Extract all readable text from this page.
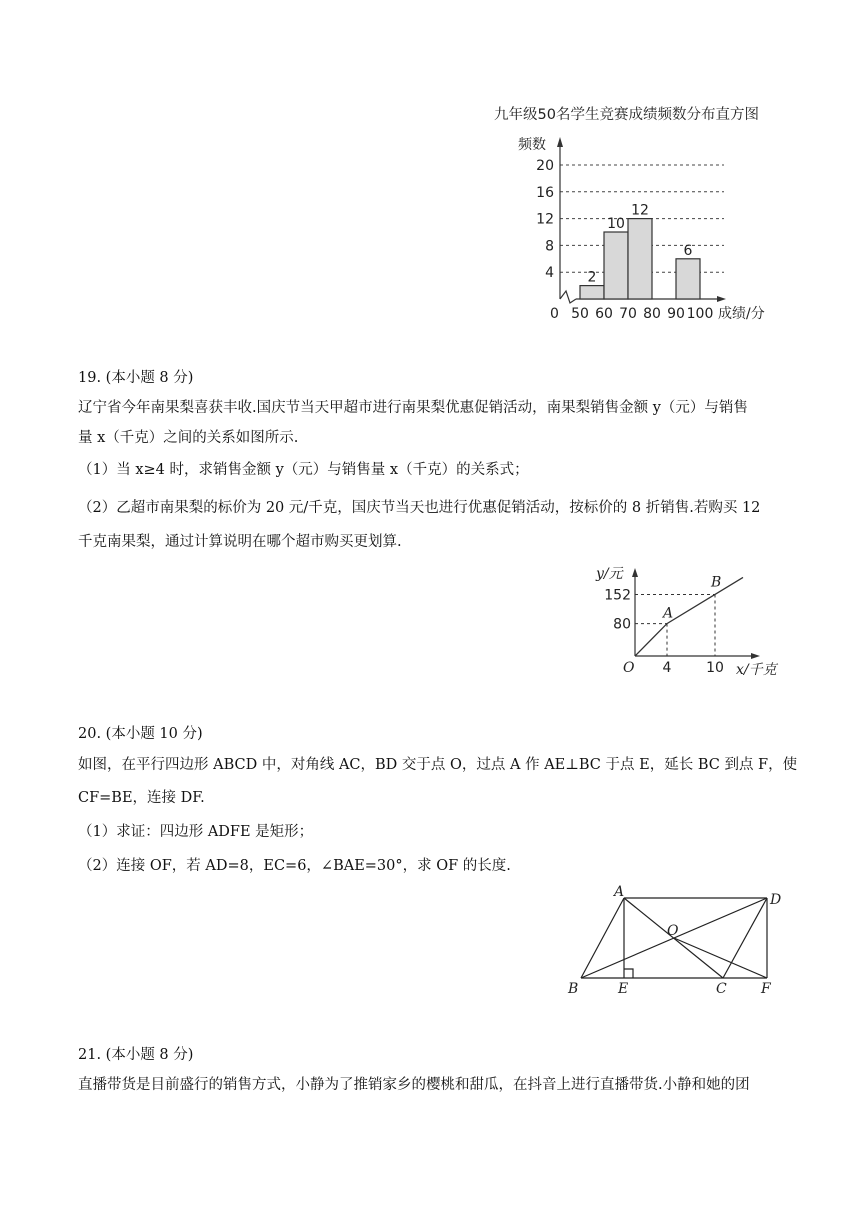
九年级50名学生竞赛成绩频数分布直方图
频数
成绩/分
0
4
8
12
16
20
50 60 70 80 90 100
2
10
12
6
19. (本小题 8 分)
辽宁省今年南果梨喜获丰收.国庆节当天甲超市进行南果梨优惠促销活动，南果梨销售金额 y（元）与销售
量 x（千克）之间的关系如图所示.
（1）当 x≥4 时，求销售金额 y（元）与销售量 x（千克）的关系式；
（2）乙超市南果梨的标价为 20 元/千克，国庆节当天也进行优惠促销活动，按标价的 8 折销售.若购买 12
千克南果梨，通过计算说明在哪个超市购买更划算.
y/元
x/千克
O
152
80
4 10
A
B
20. (本小题 10 分)
如图，在平行四边形 ABCD 中，对角线 AC，BD 交于点 O，过点 A 作 AE⊥BC 于点 E，延长 BC 到点 F，使
CF=BE，连接 DF.
（1）求证：四边形 ADFE 是矩形；
（2）连接 OF，若 AD=8，EC=6，∠BAE=30°，求 OF 的长度.
A	D
O
B	E	C F
21. (本小题 8 分)
直播带货是目前盛行的销售方式，小静为了推销家乡的樱桃和甜瓜，在抖音上进行直播带货.小静和她的团
